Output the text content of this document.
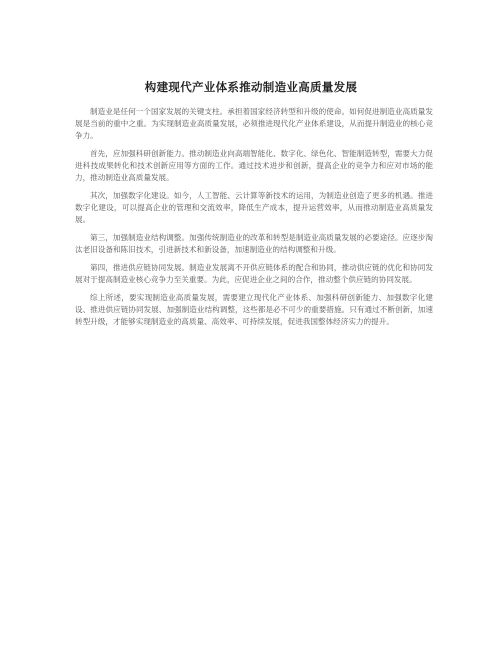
构建现代产业体系推动制造业高质量发展

制造业是任何一个国家发展的关键支柱。承担着国家经济转型和升级的使命。如何促进制造业高质量发展是当前的重中之重。为实现制造业高质量发展，必须推进现代化产业体系建设，从而提升制造业的核心竞争力。

首先，应加强科研创新能力。推动制造业向高端智能化、数字化、绿色化、智能制造转型，需要大力促进科技成果转化和技术创新应用等方面的工作。通过技术进步和创新，提高企业的竞争力和应对市场的能力，推动制造业高质量发展。

其次，加强数字化建设。如今，人工智能、云计算等新技术的运用，为制造业创造了更多的机遇。推进数字化建设，可以提高企业的管理和交流效率，降低生产成本，提升运营效率，从而推动制造业高质量发展。

第三，加强制造业结构调整。加强传统制造业的改革和转型是制造业高质量发展的必要途径。应逐步淘汰老旧设备和陈旧技术，引进新技术和新设备，加速制造业的结构调整和升级。

第四，推进供应链协同发展。制造业发展离不开供应链体系的配合和协同，推动供应链的优化和协同发展对于提高制造业核心竞争力至关重要。为此，应促进企业之间的合作，推动整个供应链的协同发展。

综上所述，要实现制造业高质量发展，需要建立现代化产业体系、加强科研创新能力、加强数字化建设、推进供应链协同发展、加强制造业结构调整，这些都是必不可少的重要措施。只有通过不断创新，加速转型升级，才能够实现制造业的高质量、高效率、可持续发展，促进我国整体经济实力的提升。
